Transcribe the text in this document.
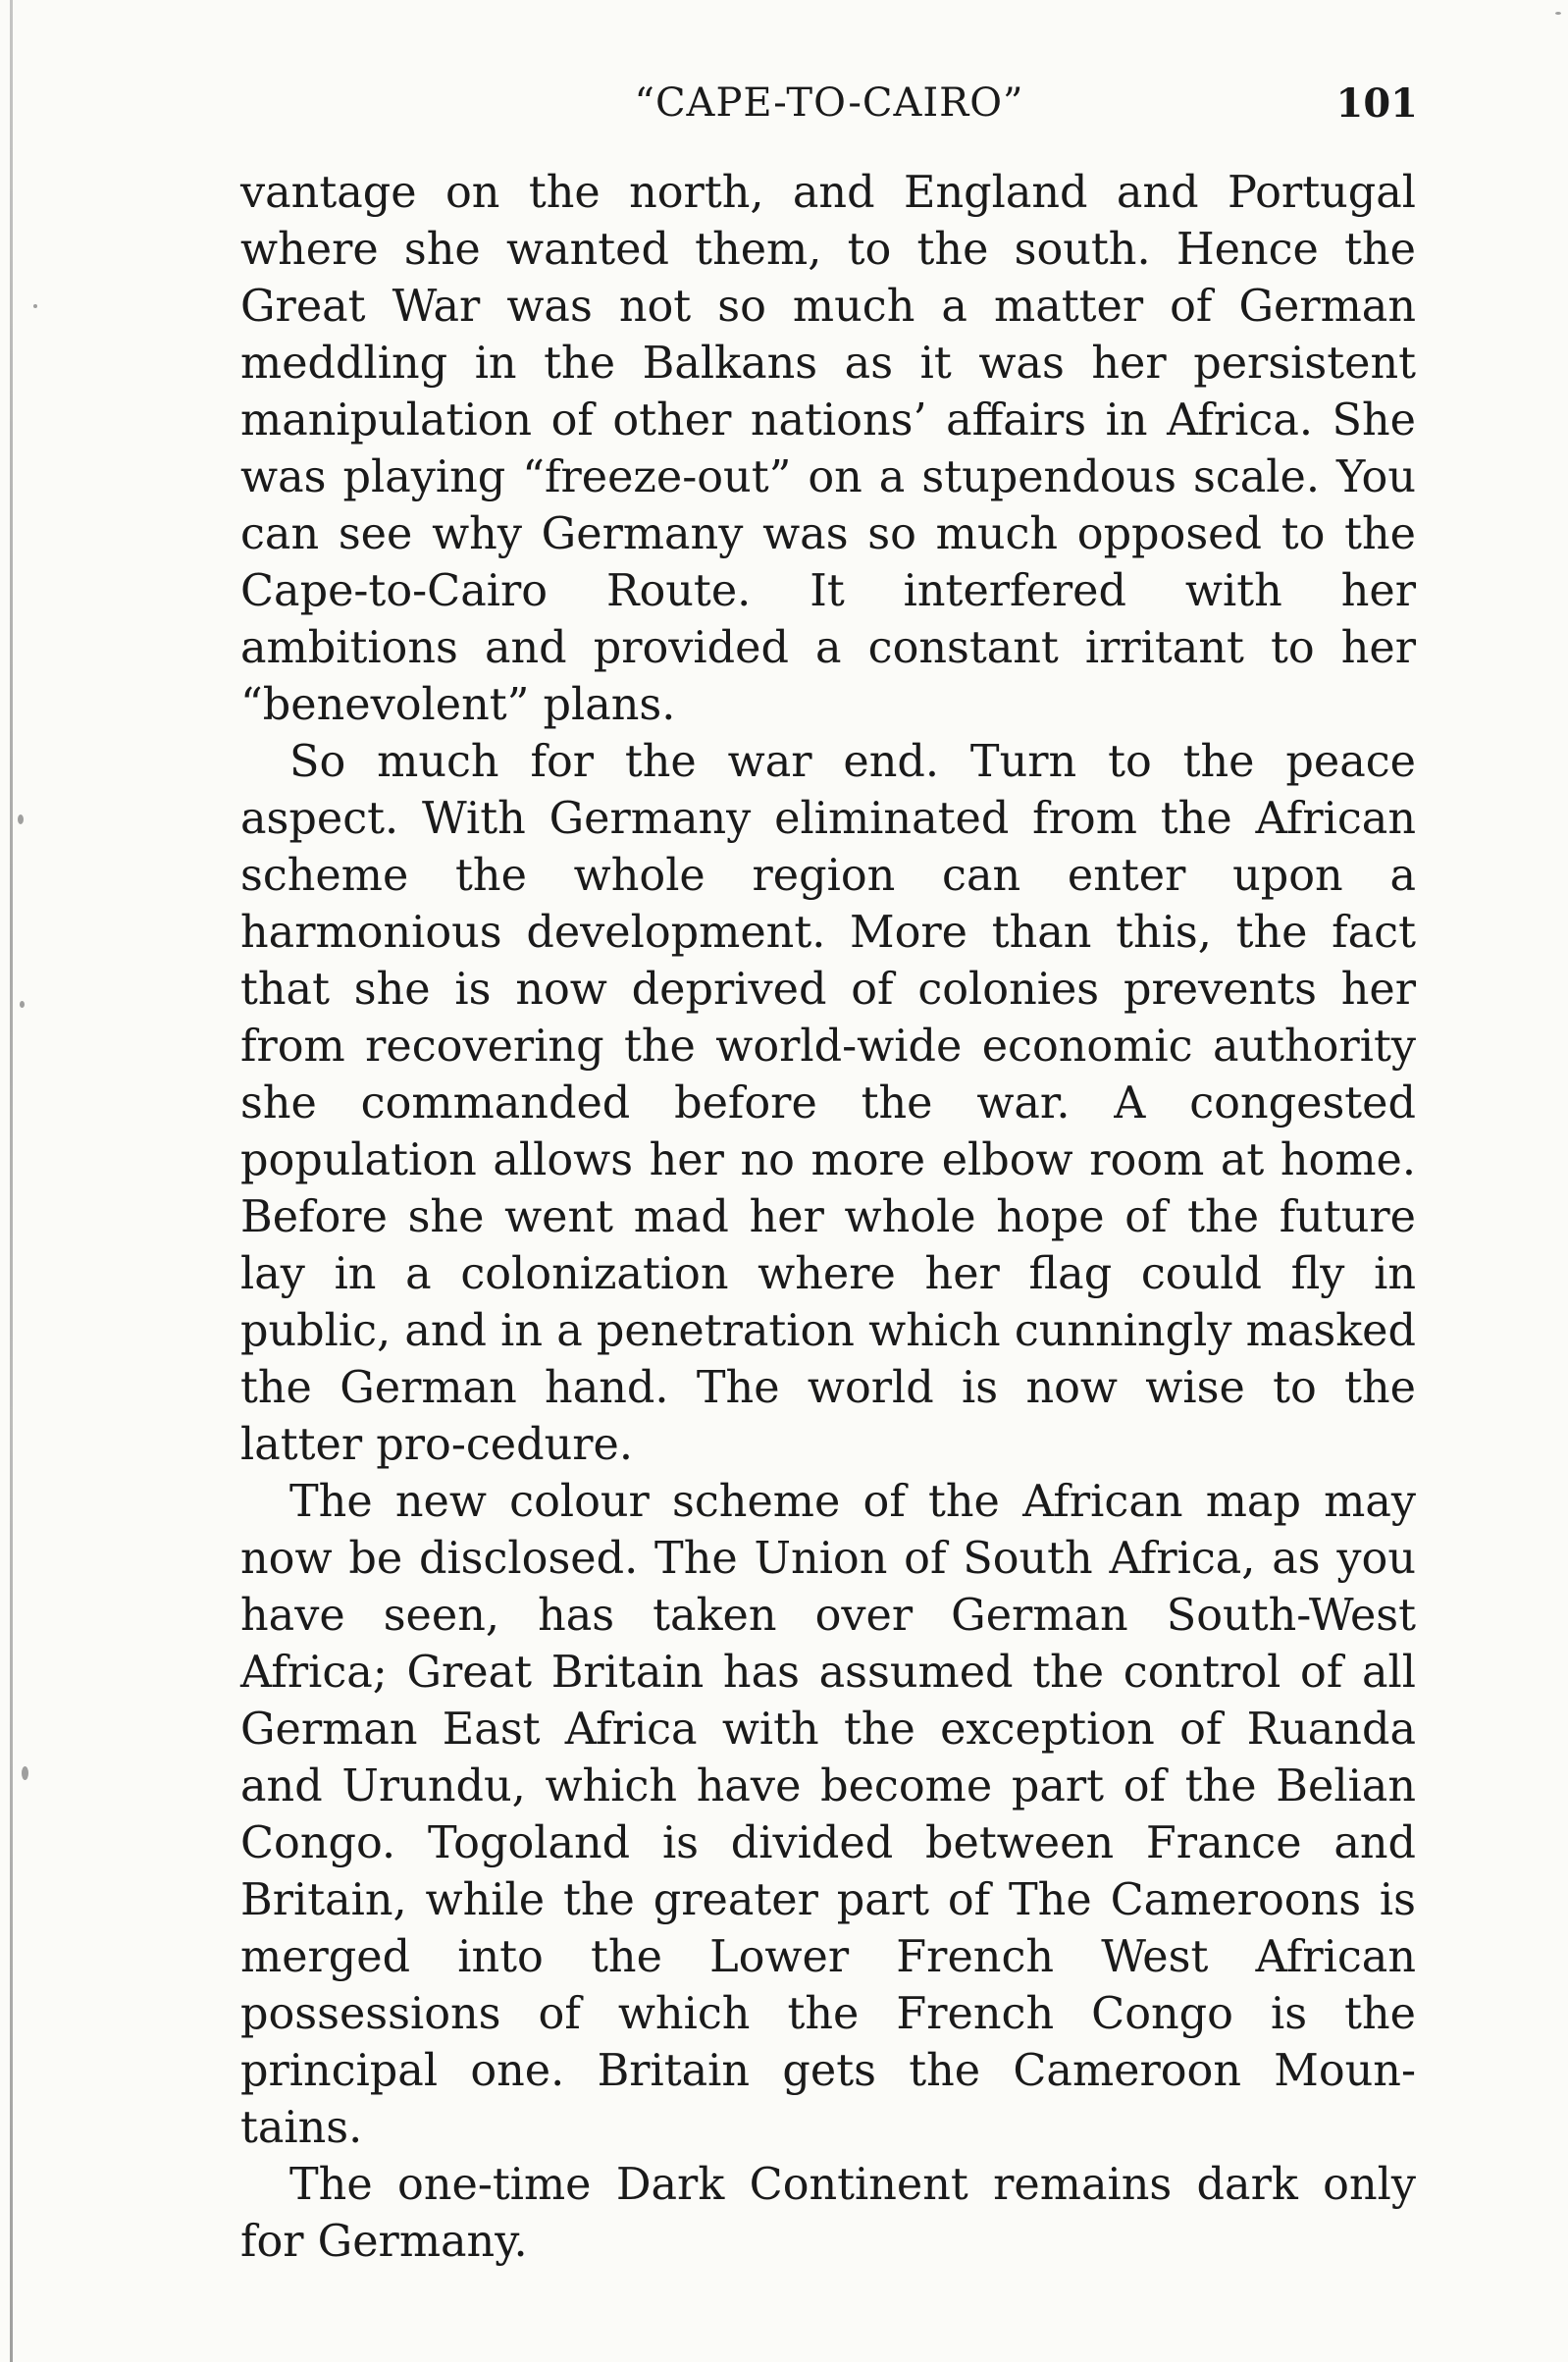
“CAPE-TO-CAIRO”	101

vantage on the north, and England and Portugal where she wanted them, to the south. Hence the Great War was not so much a matter of German meddling in the Balkans as it was her persistent manipulation of other nations’ affairs in Africa. She was playing “freeze-out” on a stupendous scale. You can see why Germany was so much opposed to the Cape-to-Cairo Route. It interfered with her ambitions and provided a constant irritant to her “benevolent” plans.

So much for the war end. Turn to the peace aspect. With Germany eliminated from the African scheme the whole region can enter upon a harmonious development. More than this, the fact that she is now deprived of colonies prevents her from recovering the world-wide economic authority she commanded before the war. A congested population allows her no more elbow room at home. Before she went mad her whole hope of the future lay in a colonization where her flag could fly in public, and in a penetration which cunningly masked the German hand. The world is now wise to the latter pro-cedure.

The new colour scheme of the African map may now be disclosed. The Union of South Africa, as you have seen, has taken over German South-West Africa; Great Britain has assumed the control of all German East Africa with the exception of Ruanda and Urundu, which have become part of the Belian Congo. Togoland is divided between France and Britain, while the greater part of The Cameroons is merged into the Lower French West African possessions of which the French Congo is the principal one. Britain gets the Cameroon Moun-tains.

The one-time Dark Continent remains dark only for Germany.
